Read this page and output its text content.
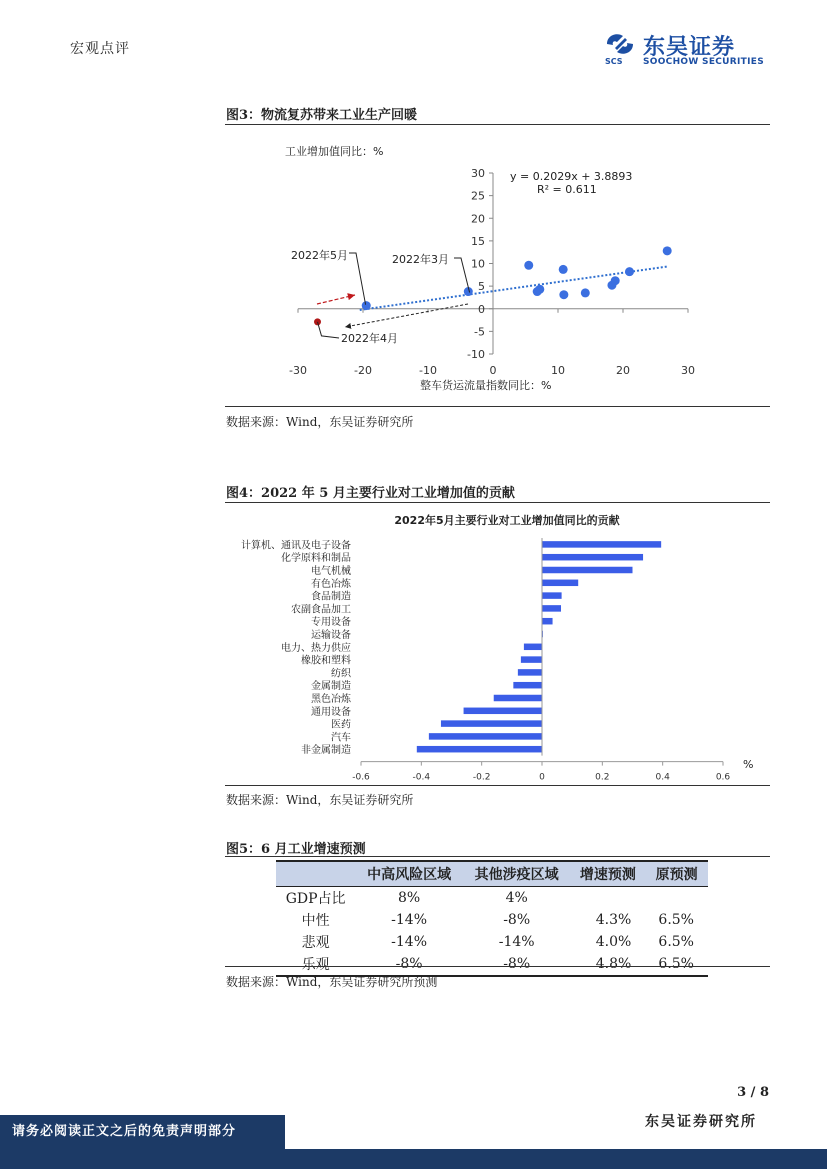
宏观点评
SCS
东吴证券
SOOCHOW SECURITIES
图3：物流复苏带来工业生产回暖
工业增加值同比：%
整车货运流量指数同比：%
y = 0.2029x + 3.8893
R² = 0.611
2022年5月	2022年3月
2022年4月
30
25
20
15
10
5
0
-5
-10
-30	-20	-10	0	10	20	30
数据来源：Wind，东吴证券研究所
图4：2022 年 5 月主要行业对工业增加值的贡献
2022年5月主要行业对工业增加值同比的贡献
%
计算机、通讯及电子设备
化学原料和制品
电气机械
有色冶炼
食品制造
农副食品加工
专用设备
运输设备
电力、热力供应
橡胶和塑料
纺织
金属制造
黑色冶炼
通用设备
医药
汽车
非金属制造
-0.6	-0.4	-0.2	0	0.2	0.4	0.6
数据来源：Wind，东吴证券研究所
图5：6 月工业增速预测
	中高风险区域	其他涉疫区域	增速预测	原预测
GDP占比	8%	4%		
中性	-14%	-8%	4.3%	6.5%
悲观	-14%	-14%	4.0%	6.5%
乐观	-8%	-8%	4.8%	6.5%
数据来源：Wind，东吴证券研究所预测
3 / 8
东吴证券研究所
请务必阅读正文之后的免责声明部分
